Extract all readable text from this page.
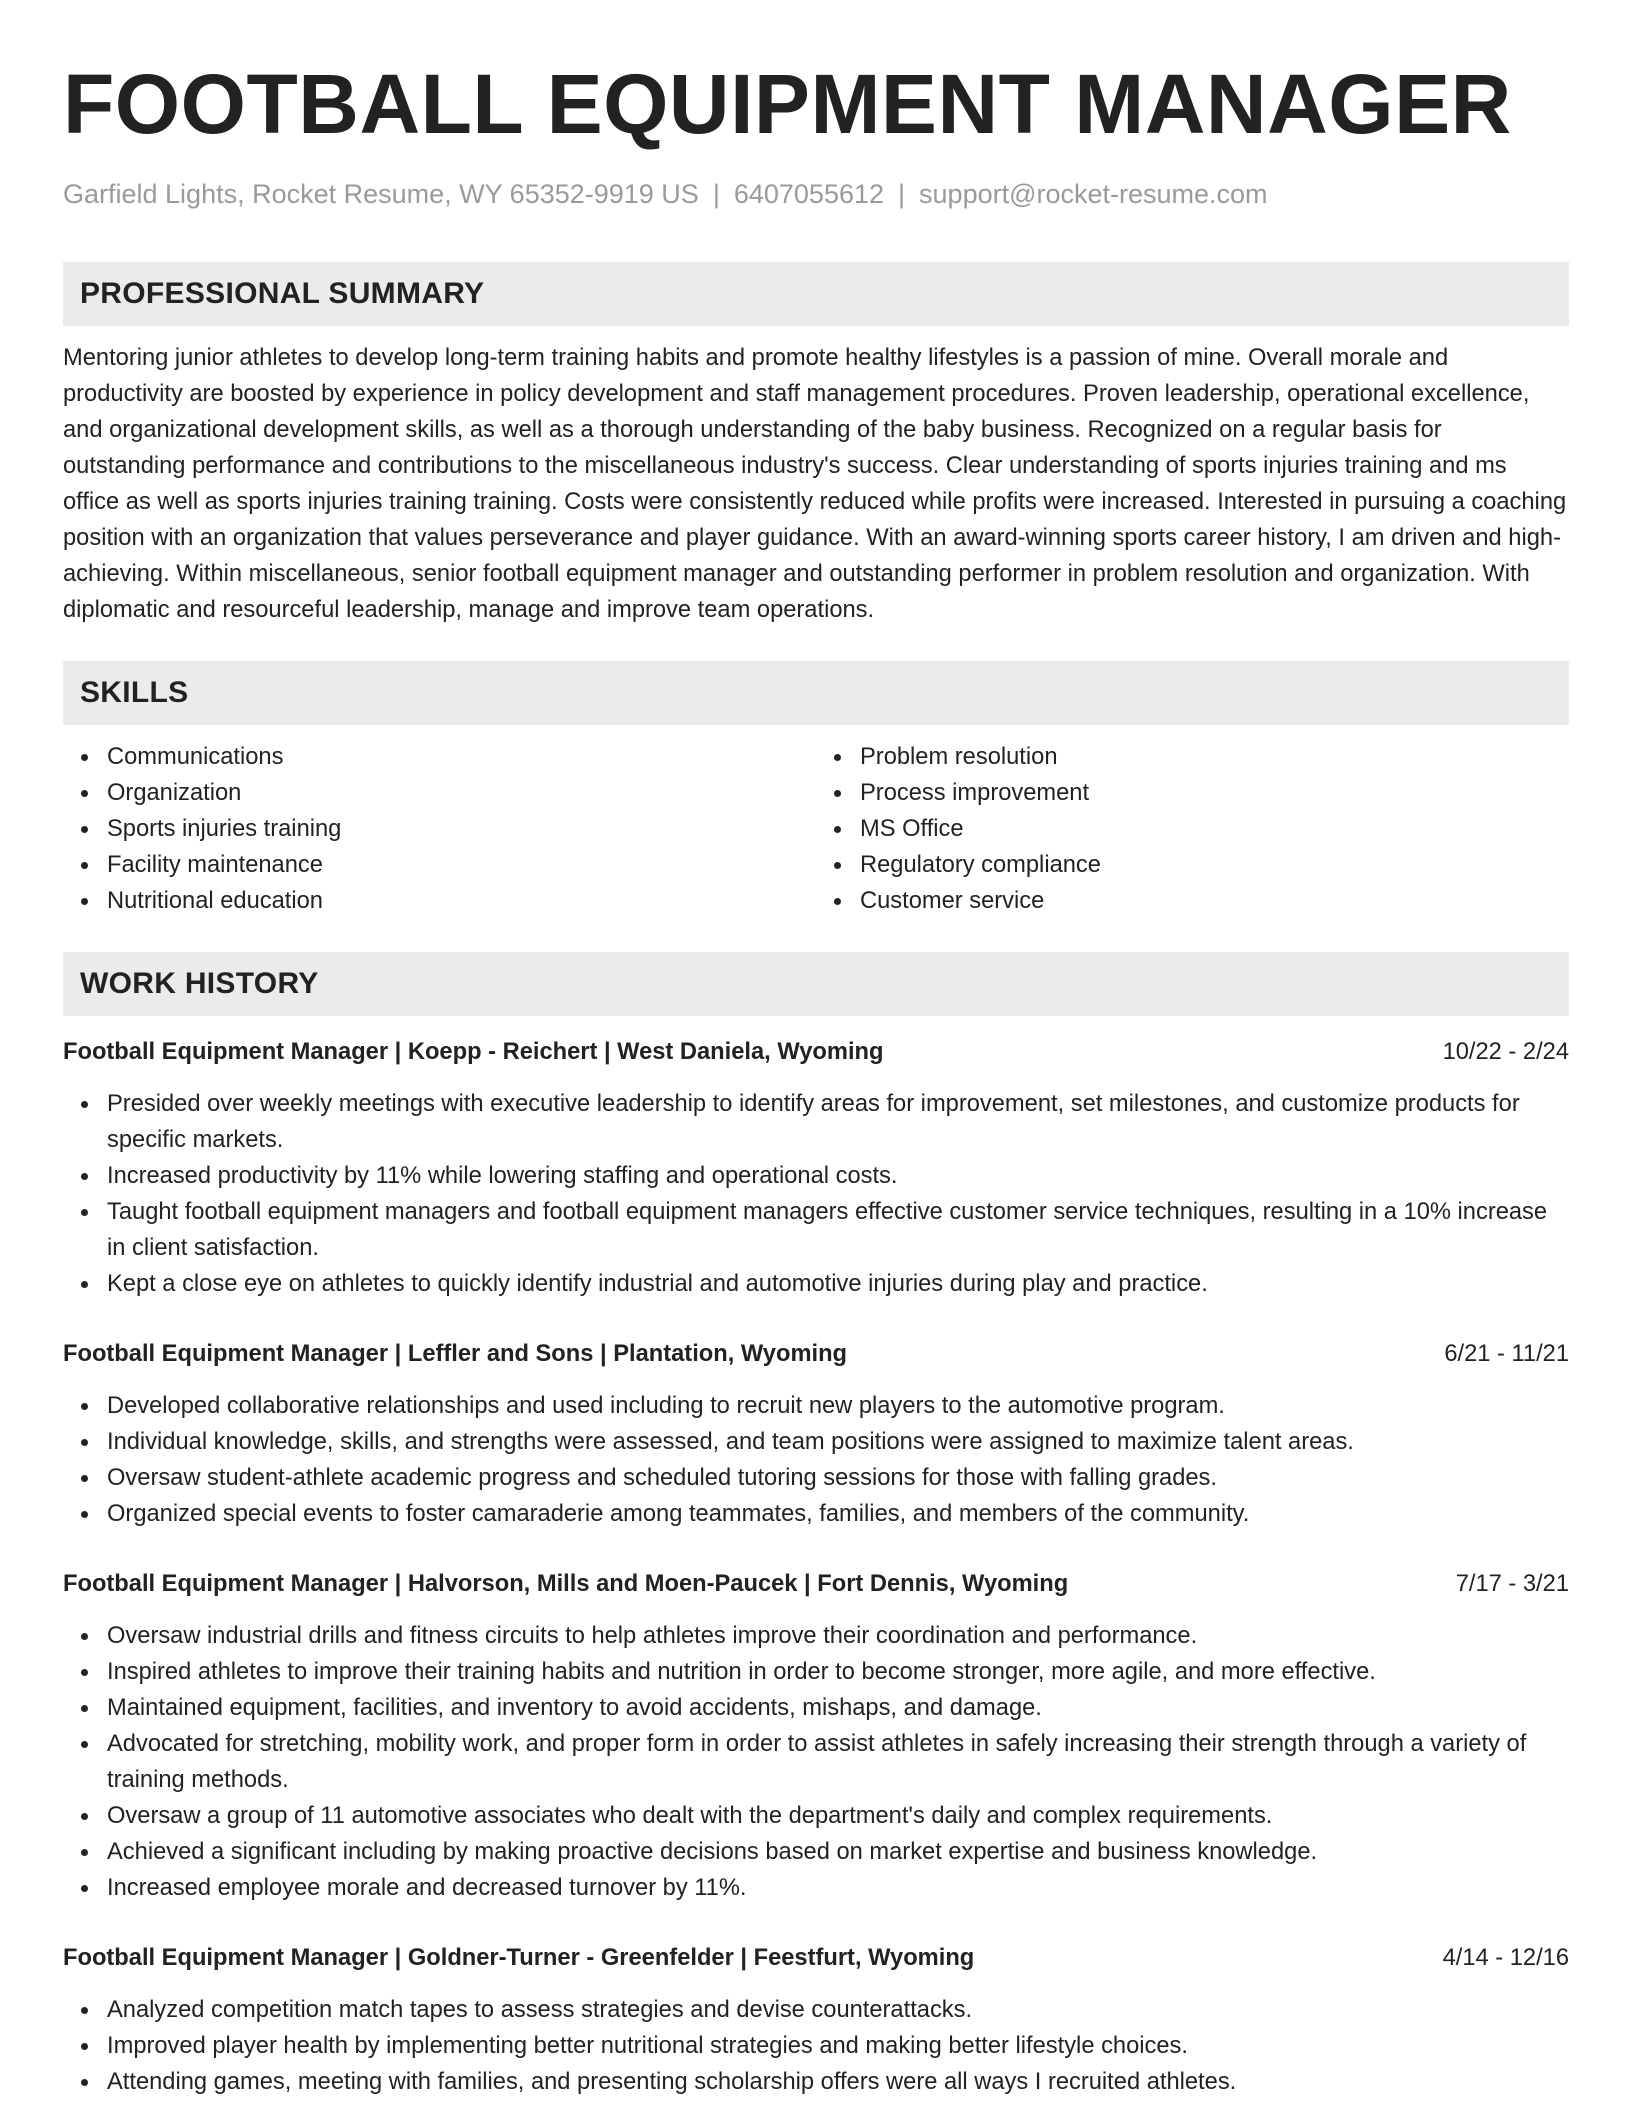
FOOTBALL EQUIPMENT MANAGER
Garfield Lights, Rocket Resume, WY 65352-9919 US | 6407055612 | support@rocket-resume.com
PROFESSIONAL SUMMARY
Mentoring junior athletes to develop long-term training habits and promote healthy lifestyles is a passion of mine. Overall morale and productivity are boosted by experience in policy development and staff management procedures. Proven leadership, operational excellence, and organizational development skills, as well as a thorough understanding of the baby business. Recognized on a regular basis for outstanding performance and contributions to the miscellaneous industry's success. Clear understanding of sports injuries training and ms office as well as sports injuries training training. Costs were consistently reduced while profits were increased. Interested in pursuing a coaching position with an organization that values perseverance and player guidance. With an award-winning sports career history, I am driven and high-achieving. Within miscellaneous, senior football equipment manager and outstanding performer in problem resolution and organization. With diplomatic and resourceful leadership, manage and improve team operations.
SKILLS
Communications
Organization
Sports injuries training
Facility maintenance
Nutritional education
Problem resolution
Process improvement
MS Office
Regulatory compliance
Customer service
WORK HISTORY
Football Equipment Manager | Koepp - Reichert | West Daniela, Wyoming	10/22 - 2/24
Presided over weekly meetings with executive leadership to identify areas for improvement, set milestones, and customize products for specific markets.
Increased productivity by 11% while lowering staffing and operational costs.
Taught football equipment managers and football equipment managers effective customer service techniques, resulting in a 10% increase in client satisfaction.
Kept a close eye on athletes to quickly identify industrial and automotive injuries during play and practice.
Football Equipment Manager | Leffler and Sons | Plantation, Wyoming	6/21 - 11/21
Developed collaborative relationships and used including to recruit new players to the automotive program.
Individual knowledge, skills, and strengths were assessed, and team positions were assigned to maximize talent areas.
Oversaw student-athlete academic progress and scheduled tutoring sessions for those with falling grades.
Organized special events to foster camaraderie among teammates, families, and members of the community.
Football Equipment Manager | Halvorson, Mills and Moen-Paucek | Fort Dennis, Wyoming	7/17 - 3/21
Oversaw industrial drills and fitness circuits to help athletes improve their coordination and performance.
Inspired athletes to improve their training habits and nutrition in order to become stronger, more agile, and more effective.
Maintained equipment, facilities, and inventory to avoid accidents, mishaps, and damage.
Advocated for stretching, mobility work, and proper form in order to assist athletes in safely increasing their strength through a variety of training methods.
Oversaw a group of 11 automotive associates who dealt with the department's daily and complex requirements.
Achieved a significant including by making proactive decisions based on market expertise and business knowledge.
Increased employee morale and decreased turnover by 11%.
Football Equipment Manager | Goldner-Turner - Greenfelder | Feestfurt, Wyoming	4/14 - 12/16
Analyzed competition match tapes to assess strategies and devise counterattacks.
Improved player health by implementing better nutritional strategies and making better lifestyle choices.
Attending games, meeting with families, and presenting scholarship offers were all ways I recruited athletes.
